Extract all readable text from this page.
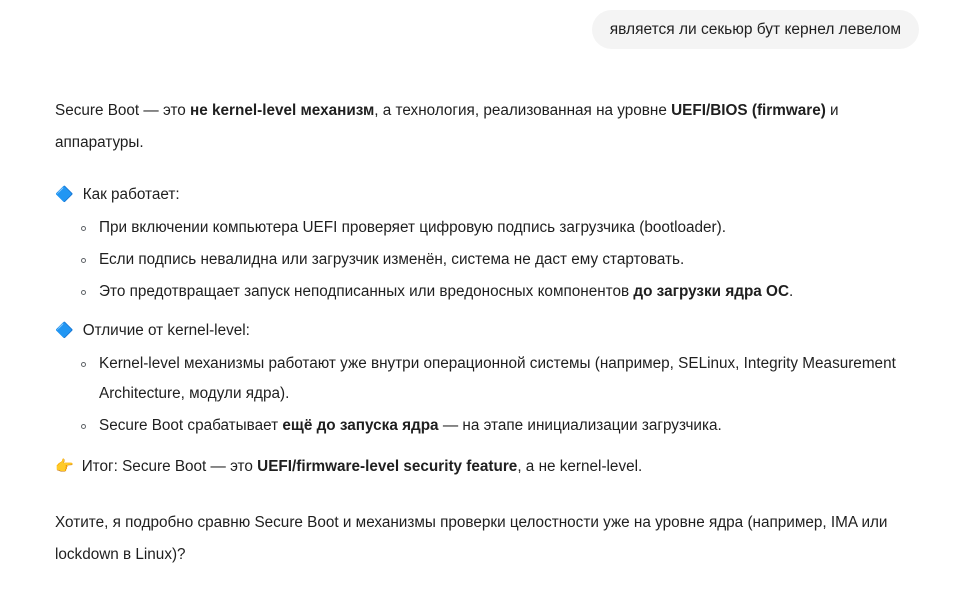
является ли секьюр бут кернел левелом

Secure Boot — это не kernel-level механизм, а технология, реализованная на уровне UEFI/BIOS (firmware) и аппаратуры.

🔷 Как работает:
При включении компьютера UEFI проверяет цифровую подпись загрузчика (bootloader).
Если подпись невалидна или загрузчик изменён, система не даст ему стартовать.
Это предотвращает запуск неподписанных или вредоносных компонентов до загрузки ядра ОС.
🔷 Отличие от kernel-level:
Kernel-level механизмы работают уже внутри операционной системы (например, SELinux, Integrity Measurement Architecture, модули ядра).
Secure Boot срабатывает ещё до запуска ядра — на этапе инициализации загрузчика.
👉 Итог: Secure Boot — это UEFI/firmware-level security feature, а не kernel-level.

Хотите, я подробно сравню Secure Boot и механизмы проверки целостности уже на уровне ядра (например, IMA или lockdown в Linux)?
